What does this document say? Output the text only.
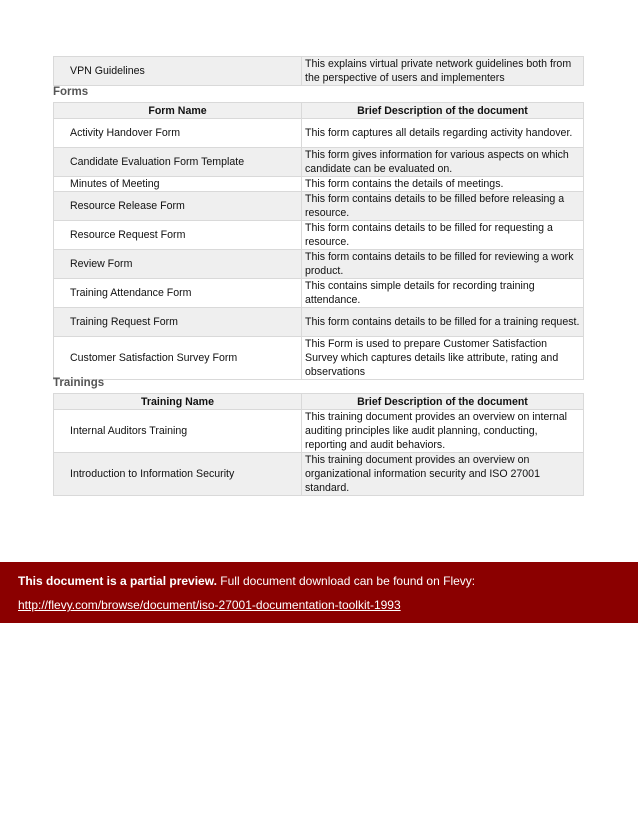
VPN Guidelines	This explains virtual private network guidelines both from the perspective of users and implementers
Forms
Form Name	Brief Description of the document
Activity Handover Form	This form captures all details regarding activity handover.
Candidate Evaluation Form Template	This form gives information for various aspects on which candidate can be evaluated on.
Minutes of Meeting	This form contains the details of meetings.
Resource Release Form	This form contains details to be filled before releasing a resource.
Resource Request Form	This form contains details to be filled for requesting a resource.
Review Form	This form contains details to be filled for reviewing a work product.
Training Attendance Form	This contains simple details for recording training attendance.
Training Request Form	This form contains details to be filled for a training request.
Customer Satisfaction Survey Form	This Form is used to prepare Customer Satisfaction Survey which captures details like attribute, rating and observations
Trainings
Training Name	Brief Description of the document
Internal Auditors Training	This training document provides an overview on internal auditing principles like audit planning, conducting, reporting and audit behaviors.
Introduction to Information Security	This training document provides an overview on organizational information security and ISO 27001 standard.
This document is a partial preview. Full document download can be found on Flevy:
http://flevy.com/browse/document/iso-27001-documentation-toolkit-1993
